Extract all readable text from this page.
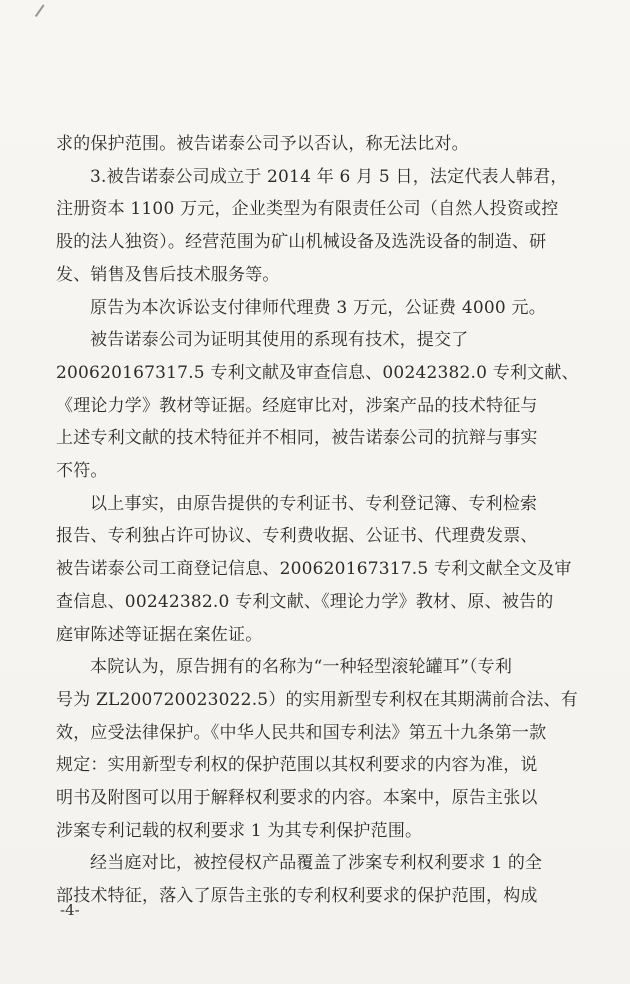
求的保护范围。被告诺泰公司予以否认，称无法比对。
3.被告诺泰公司成立于 2014 年 6 月 5 日，法定代表人韩君，
注册资本 1100 万元，企业类型为有限责任公司（自然人投资或控
股的法人独资）。经营范围为矿山机械设备及选洗设备的制造、研
发、销售及售后技术服务等。
原告为本次诉讼支付律师代理费 3 万元，公证费 4000 元。
被告诺泰公司为证明其使用的系现有技术，提交了
200620167317.5 专利文献及审查信息、00242382.0 专利文献、
《理论力学》教材等证据。经庭审比对，涉案产品的技术特征与
上述专利文献的技术特征并不相同，被告诺泰公司的抗辩与事实
不符。
以上事实，由原告提供的专利证书、专利登记簿、专利检索
报告、专利独占许可协议、专利费收据、公证书、代理费发票、
被告诺泰公司工商登记信息、200620167317.5 专利文献全文及审
查信息、00242382.0 专利文献、《理论力学》教材、原、被告的
庭审陈述等证据在案佐证。
本院认为，原告拥有的名称为“一种轻型滚轮罐耳”（专利
号为 ZL200720023022.5）的实用新型专利权在其期满前合法、有
效，应受法律保护。《中华人民共和国专利法》第五十九条第一款
规定：实用新型专利权的保护范围以其权利要求的内容为准，说
明书及附图可以用于解释权利要求的内容。本案中，原告主张以
涉案专利记载的权利要求 1 为其专利保护范围。
经当庭对比，被控侵权产品覆盖了涉案专利权利要求 1 的全
部技术特征，落入了原告主张的专利权利要求的保护范围，构成
-4-
